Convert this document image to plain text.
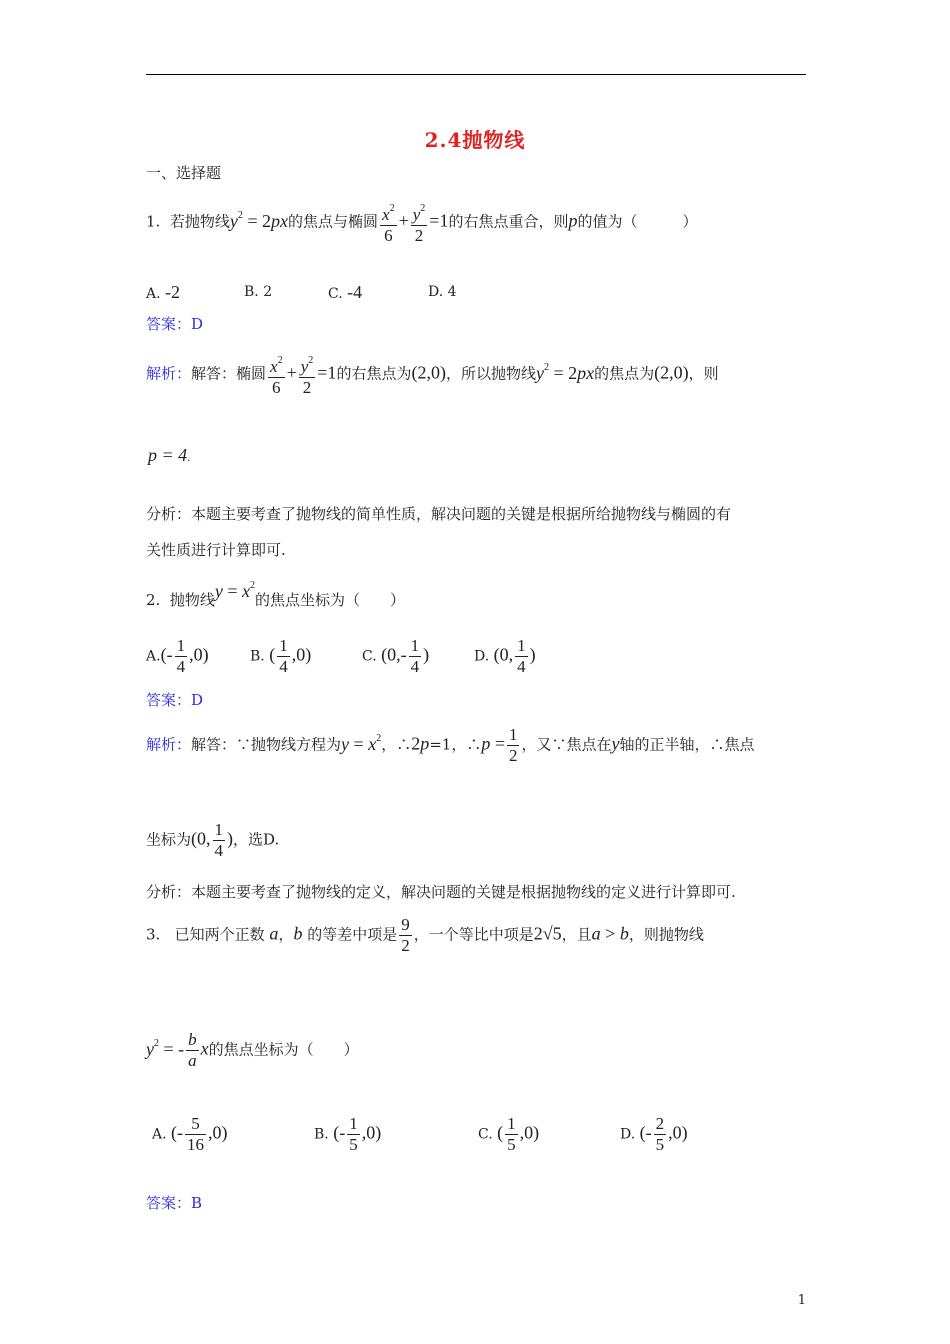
2.4抛物线
一、选择题
1. 若抛物线$y^2 = 2px$的焦点与椭圆 $\frac{x^2}{6} + \frac{y^2}{2} =1$的右焦点重合，则p的值为（　　　）
A. -2	B. 2	C. -4	D. 4
答案：D
解析：解答：椭圆 $\frac{x^2}{6} + \frac{y^2}{2} =1$的右焦点为(2,0)，所以抛物线$y^2 = 2px$的焦点为(2,0)，则
p = 4.
分析：本题主要考查了抛物线的简单性质，解决问题的关键是根据所给抛物线与椭圆的有
关性质进行计算即可.
2. 抛物线$y = x^2$的焦点坐标为（　　）
$A.(- \frac{1}{4} ,0)$	B. ( $\frac{1}{4} ,0$)	C. ($0,- \frac{1}{4}$ )	D. (0, $\frac{1}{4}$ )
答案：D
解析：解答：∵抛物线方程为$y = x^2$，∴2p=1，∴p = $\frac{1}{2}$ ，又∵焦点在y轴的正半轴，∴焦点
坐标为(0, $\frac{1}{4}$ )，选D.
分析：本题主要考查了抛物线的定义，解决问题的关键是根据抛物线的定义进行计算即可.
3. 已知两个正数 a，b 的等差中项是 $\frac{9}{2}$ ，一个等比中项是2√5，且a > b，则抛物线
$y^2$ = - $\frac{b}{a}$ x的焦点坐标为（　　）
A. (- $\frac{5}{16} ,0$)	B. (- $\frac{1}{5} ,0$)	C. ( $\frac{1}{5} ,0$)	D. (- $\frac{2}{5} ,0$)
答案：B
1
